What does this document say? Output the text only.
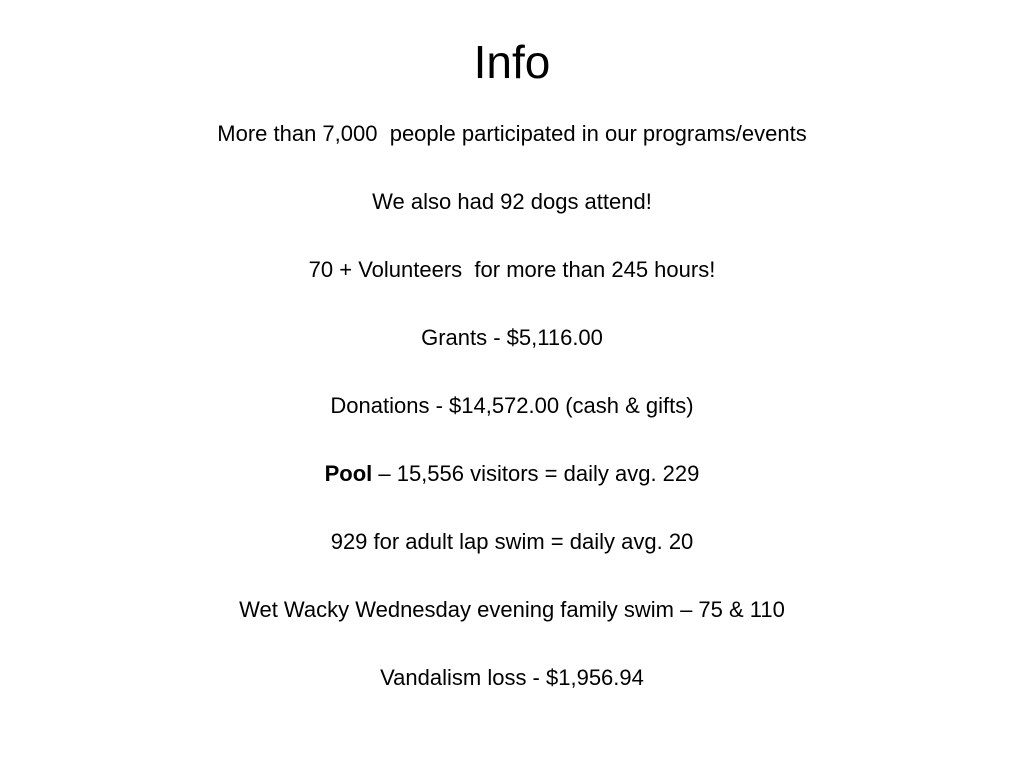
Info
More than 7,000  people participated in our programs/events
We also had 92 dogs attend!
70 + Volunteers  for more than 245 hours!
Grants - $5,116.00
Donations - $14,572.00 (cash & gifts)
Pool – 15,556 visitors = daily avg. 229
929 for adult lap swim = daily avg. 20
Wet Wacky Wednesday evening family swim – 75 & 110
Vandalism loss - $1,956.94
